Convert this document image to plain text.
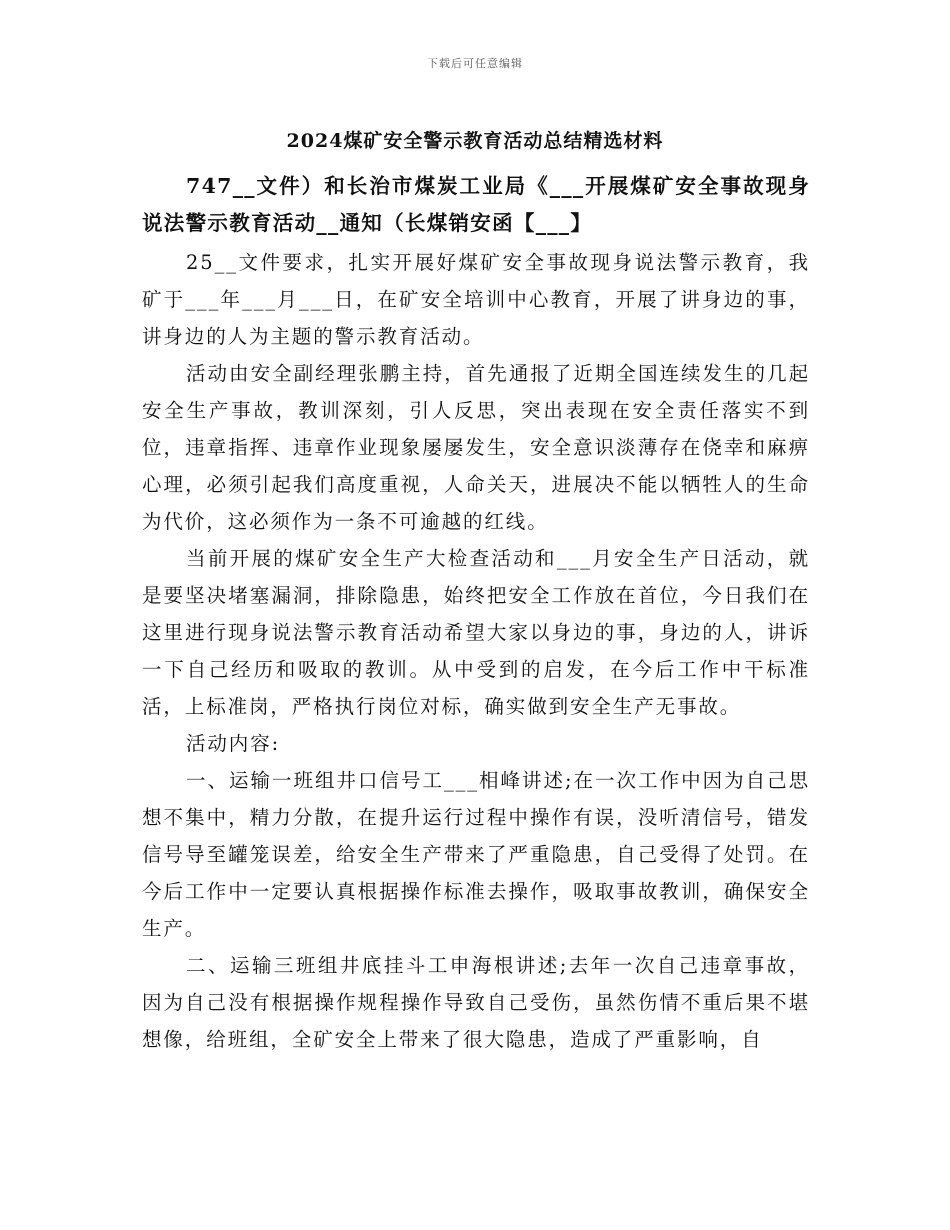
下载后可任意编辑
2024煤矿安全警示教育活动总结精选材料

747__文件）和长治市煤炭工业局《___开展煤矿安全事故现身说法警示教育活动__通知（长煤销安函【___】

25__文件要求，扎实开展好煤矿安全事故现身说法警示教育，我矿于___年___月___日，在矿安全培训中心教育，开展了讲身边的事，讲身边的人为主题的警示教育活动。

活动由安全副经理张鹏主持，首先通报了近期全国连续发生的几起安全生产事故，教训深刻，引人反思，突出表现在安全责任落实不到位，违章指挥、违章作业现象屡屡发生，安全意识淡薄存在侥幸和麻痹心理，必须引起我们高度重视，人命关天，进展决不能以牺牲人的生命为代价，这必须作为一条不可逾越的红线。

当前开展的煤矿安全生产大检查活动和___月安全生产日活动，就是要坚决堵塞漏洞，排除隐患，始终把安全工作放在首位，今日我们在这里进行现身说法警示教育活动希望大家以身边的事，身边的人，讲诉一下自己经历和吸取的教训。从中受到的启发，在今后工作中干标准活，上标准岗，严格执行岗位对标，确实做到安全生产无事故。

活动内容:

一、运输一班组井口信号工___相峰讲述;在一次工作中因为自己思想不集中，精力分散，在提升运行过程中操作有误，没听清信号，错发信号导至罐笼误差，给安全生产带来了严重隐患，自己受得了处罚。在今后工作中一定要认真根据操作标准去操作，吸取事故教训，确保安全生产。

二、运输三班组井底挂斗工申海根讲述;去年一次自己违章事故，因为自己没有根据操作规程操作导致自己受伤，虽然伤情不重后果不堪想像，给班组，全矿安全上带来了很大隐患，造成了严重影响，自
